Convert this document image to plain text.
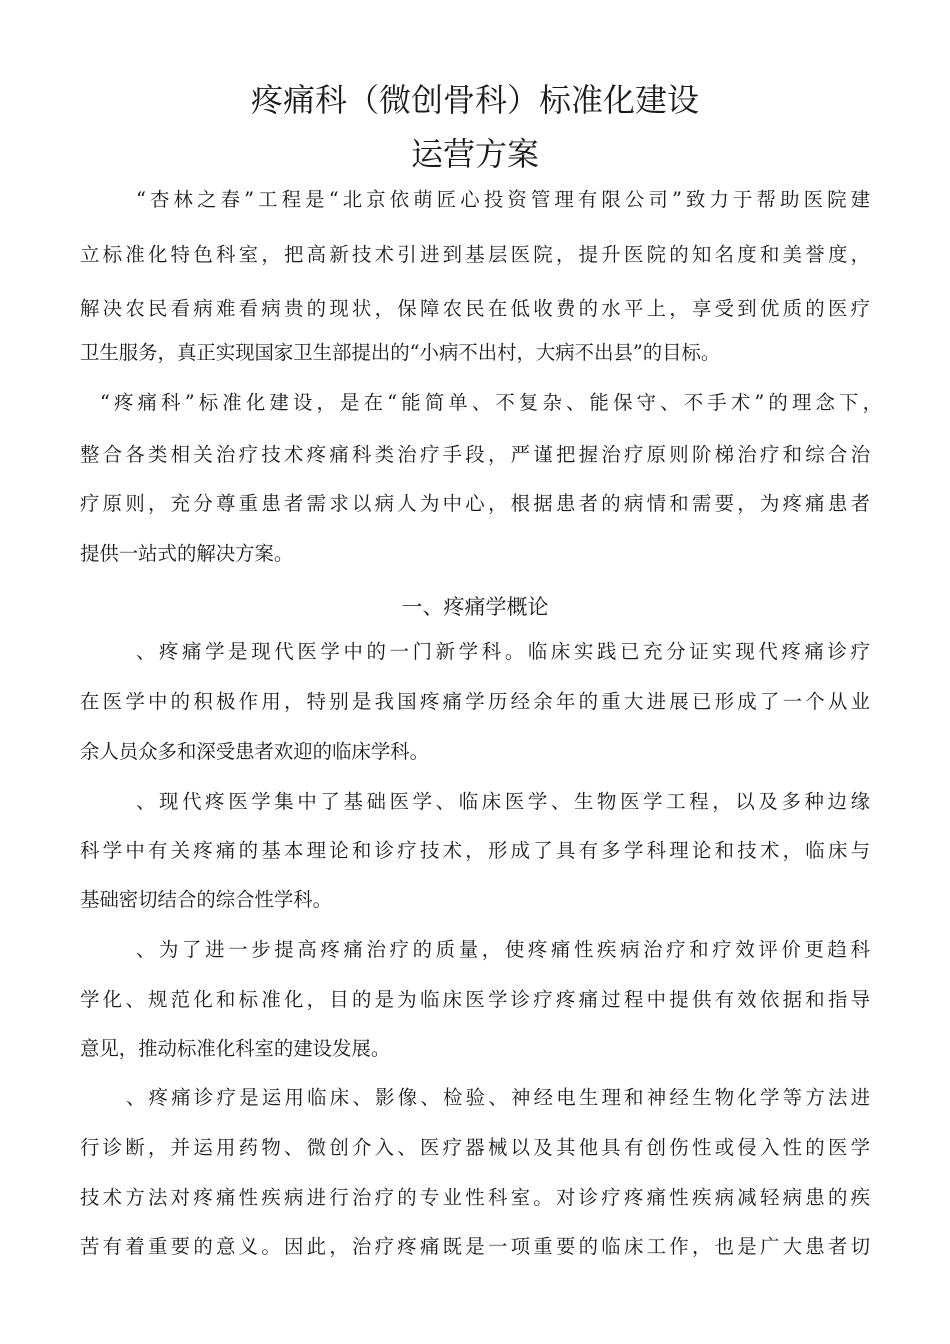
疼痛科（微创骨科）标准化建设
运营方案
“杏林之春”工程是“北京依萌匠心投资管理有限公司”致力于帮助医院建
立标准化特色科室，把高新技术引进到基层医院，提升医院的知名度和美誉度，
解决农民看病难看病贵的现状，保障农民在低收费的水平上，享受到优质的医疗
卫生服务，真正实现国家卫生部提出的“小病不出村，大病不出县”的目标。
“疼痛科”标准化建设，是在“能简单、不复杂、能保守、不手术”的理念下，
整合各类相关治疗技术疼痛科类治疗手段，严谨把握治疗原则阶梯治疗和综合治
疗原则，充分尊重患者需求以病人为中心，根据患者的病情和需要，为疼痛患者
提供一站式的解决方案。
一、疼痛学概论
、疼痛学是现代医学中的一门新学科。临床实践已充分证实现代疼痛诊疗
在医学中的积极作用，特别是我国疼痛学历经余年的重大进展已形成了一个从业
余人员众多和深受患者欢迎的临床学科。
、现代疼医学集中了基础医学、临床医学、生物医学工程，以及多种边缘
科学中有关疼痛的基本理论和诊疗技术，形成了具有多学科理论和技术，临床与
基础密切结合的综合性学科。
、为了进一步提高疼痛治疗的质量，使疼痛性疾病治疗和疗效评价更趋科
学化、规范化和标准化，目的是为临床医学诊疗疼痛过程中提供有效依据和指导
意见，推动标准化科室的建设发展。
、疼痛诊疗是运用临床、影像、检验、神经电生理和神经生物化学等方法进
行诊断，并运用药物、微创介入、医疗器械以及其他具有创伤性或侵入性的医学
技术方法对疼痛性疾病进行治疗的专业性科室。对诊疗疼痛性疾病减轻病患的疾
苦有着重要的意义。因此，治疗疼痛既是一项重要的临床工作，也是广大患者切
